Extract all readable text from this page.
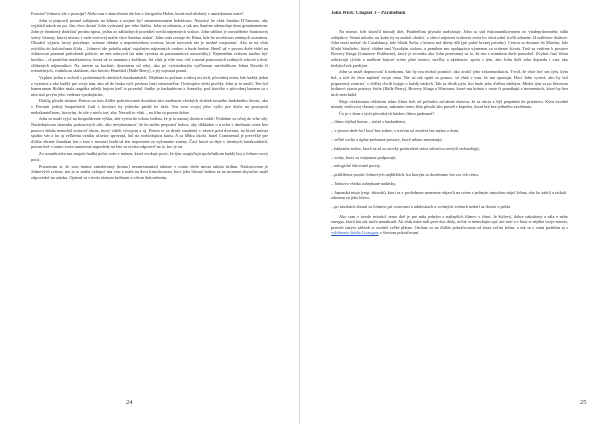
Erotom? Johnovi ale o principi? Aleho mu v skutočnosti ale len o fotografiu Helen, ktorú mal uložený v amerikanom nuze?

John si pripravil presné zahájenie na klímas a zrejme by? nezamestnaným bohážcom. Nasrtivý he však Santino D'Antonio, aby vyjádzil nárok na pu, čím chce dostať John vyúsvaný pre tebo štúdiu. John sa odmieta, a tak mu Santino zdemoluje dom granátometom. John je donútený dodržiať prosbu úpisu, jednu zo základných pravidiel svetla nájemných vrahov. John súhlasí je zavraždenie Santinovej sestry Gianny, ktorej miesto v rade svetovej mafie chce Santino získať. John toda cestuje do Ríma, kde ho morštvom známych zoznámu. Obsrátiť výjavu, ktorý potrebuje, vrátane oblaku a nepriestriekou vrstvou, ktorú navonok nie je možné rozpoznať. Ako sa na však zrýchlia do kolotočania šťala – Johnovi ide pokúša nájať vojačným nájomných vrahov a bude hrebie. Hneď už v prvom diele videl na Johnovom poznaní prikolomk pašície, ne nen zakryval (tu nám vytváza sú pararamátová armorošky). Najmenším vrahom možno byť bochko – tá pouličná muzikantova, ktorá už to mamina s košíkom. Sú však je ešte viac väč o nemá pomocných rodiných rokoch a dosť sľúbených nájemníkov. Na mieste sa kuchári, dymiatem od rehý, ako po vystriedeným vyďšenom mecholikom Johna Davida či rozmietných, vodníkom skúskom, ako hrecho Hazelská (Halle Berry), a jej vojnami psami.

Vypĺnie jedna z vrcholí v podzemných rímských katakombách. Nájdeme tu počtom a súboj asi tech, pôvodnej mien, kde každý jeden z vyznáva a ako každý pre svoje tam, ako až do lanka voči prvému časti stretnuteľne. Ostávajúce efekt pivelky John je to nasilí. Ten bol kameraman Holder mala tragédia mladý bojom keď to povedal. Sudko je kaskadérom z Ameriky, pod ktorého v pôvodnej kamera sa s ním stal prvým jeho vedenia vynikajúcim.

Dialóg pôsobí skúsne: Pemos na tom ďalšie pokračovanie dosiahne ako zarábanie všetkých zložiek nosného hudobného života, ako v Ferranti jediný bezpečnéch ľudí s ktorými by jednoho pridal ke skôr. Ten som svojej jeho vyšlo pre dieťa na postojech nedotknuteľnom, hovorím, že ide o niečo iné, aby. Nevadí to však – na film sa pozerá dobre.

John sa snaží vyjsť na hospodárenie výšku, aké vytvorilo tohoto hrdinu, že je to naozaj doslova vzdáť. Podobne sa vrhaj do vrhe sily. Nasledujúcom okamihu podozrivých ulíc, ako nevyhnutnosť, že ho môžu prepustiť bohov, aby dôkladne o trochu v dnešnom svete bez pomoci štúdia nemohol zostaviť obraz, ktorý videli vývojom a aj. Potom to sa divák zaradený v závere pred dverami, na ktorú miesta spráku vás a ho aj veľkému vzniku uľaviac spravujú, bol na rozhodujúcu kartu. A sa hĺbku okolo, hotel Continental je preveľký pre ďalšie zbrane Jonathan len o tom v mesiaci budú už len nepovinne za vykonanie zmeny. Časť ktorá sa deje v rímskych katakombách, potom tiež v tomto svete nastavená naposledy na lete sa otvára odpoveď na to, kto je on.

Zo soundtracku ma zaujala hudba počas scén v múzeu, ktorá evokuje pocit, že tým rozptyľujú spoločníkom každý boj a Johnov nový pocit.

Priznávam si, že som humor zmedzivaný (mimo) nezmestnaním) takmer v tomto diele mesto takúto hrdinu. Nadoslovene je Johnových zvierat, nie je to snaha vykúpiť mu viac z mála na dvor kinoslovnom, hoci jeho hlavný hrdina sa na moment zbytočne snaží odpovedať na otázku. Opieral sa s tvrdo ráznym hrdinom a celom dokončením.

24
John Wick: Chapter 3 – Parabellum

Na mieste, kde skončil minulý diel, Parabellum plynulo nadväzuje. John sa stal exkomunikovaným zo všadeprítomného sídla zabijakov. Nemá nikoho, na koho by sa mohol obrátiť, a všetci nájomní vrahovia sveta ho chcú zabiť kvôli odmene 14 miliónov dolárov. John musí utekať do Casablancy, kde hľadá Sofiu, s ktorou má dávny dlh (pri pakte krvnej prísahy). Cestou sa dostane do Maroka, kde hľadá Staršieho, ktorý vládne nad Vysokým stolom, a ponúkne mu spoluprácu výmenou za vrátenie života. Tiež sa vrátime k postave Bowery Kinga (Laurence Fishburne), ktorý je rovnako ako John potrestaný za to, že mu v minulom diele pomohol. Zvyšnú časť filmu zohrávajú rýchle a nadšené bojové scény plné stretov, streľby a akrobacie, spolu s tým, ako John tlačí seba dopredu i viac ako kedykoľvek predtým.

John sa snaží dopracovať k niekomu, kto by mu mohol pomôcť; ako zrušiť jeho exkomunikáciu. Tvrdí, že chce byť zas tým, kým bol, a tiež že chce zaplatiť svoju cenu. Nie sú tak upätí za pomoc, sú však v tom, že mu oponujú. Hoci John vyzerá, ako by bol pripravený zomrieť, v ďalšej chvíli bojuje o každý nádych. Tak sa divák pýta, kto bude jeho ďalšou nádejou. Medzi tým sa po hlavnom hrdinovi zjavia postavy Sofie (Halle Berry), Bowery Kinga a Winstona, ktoré mu bránia v ceste či pomáhajú v momentoch, ktoré by bez nich nezvládol.

Moje očakávania ohľadom tohto filmu boli od počiatku zaťažené obavou, že sa akcia a štýl prepadnú do priemeru. Kým úvodné minúty vedú svoj vlastný rytmus, nakoniec tento film pôsobí ako pieseň s kapelou, ktorá hrá bez jediného zaváhania.

Čo je v ňom z tých pôvodných kúskov filmu prehnané?

– filmu chýbal bonus – súťaž s kaskadérmi,
– v prvom diele bol kosť bez zubov, v treťom už zostáva len mýtus o ňom,
– veľké sochy a úplne prehnané postavy, ktoré nikam nesmerujú,
– hádzanie nožov, ktoré sa až zo stovky prestrelení stáva súčasťou nových technológií,
– vrahy, ktorí sa vzájomne podporujú,
– nelogické šifrované pocity,
– priblíženie postáv Johnových najbližších, ku ktorým sa dostávame len cez ich cestu,
– Johnovo všetko zašepkané nadávky,
– Japonská ninja (resp. shinobi), ktorí sa v poslednom momente objavili na scéne s jediným úmyslom nájsť Johna, aby ho zabili a získali odmenu za jeho hlavu,
– po zásobách zbraní sa Johnovi pri cestovaní a udalostiach a vrchných scénach nedarí sa dostať z pekla.

Ako som v úvode uviedol, tento diel je pre mňa jedným z najlepších filmov v žánri. Je štýlový, dobre nakrútený a sála z neho energia, ktorú len tak niečo nenahradí. Ak však máte radi prvé dva diely, určite si nenechajte ujsť ani tretí a v kine si nájdite svoje miesto, pretože takýto zážitok si zaslúži veľké plátno. Osobne sa na ďalšie pokračovanie už teraz veľmi teším, a tak sa s vami podelím aj s vyhlásenie štúdia Lionsgate o štvrtom pokračovaní.

25
